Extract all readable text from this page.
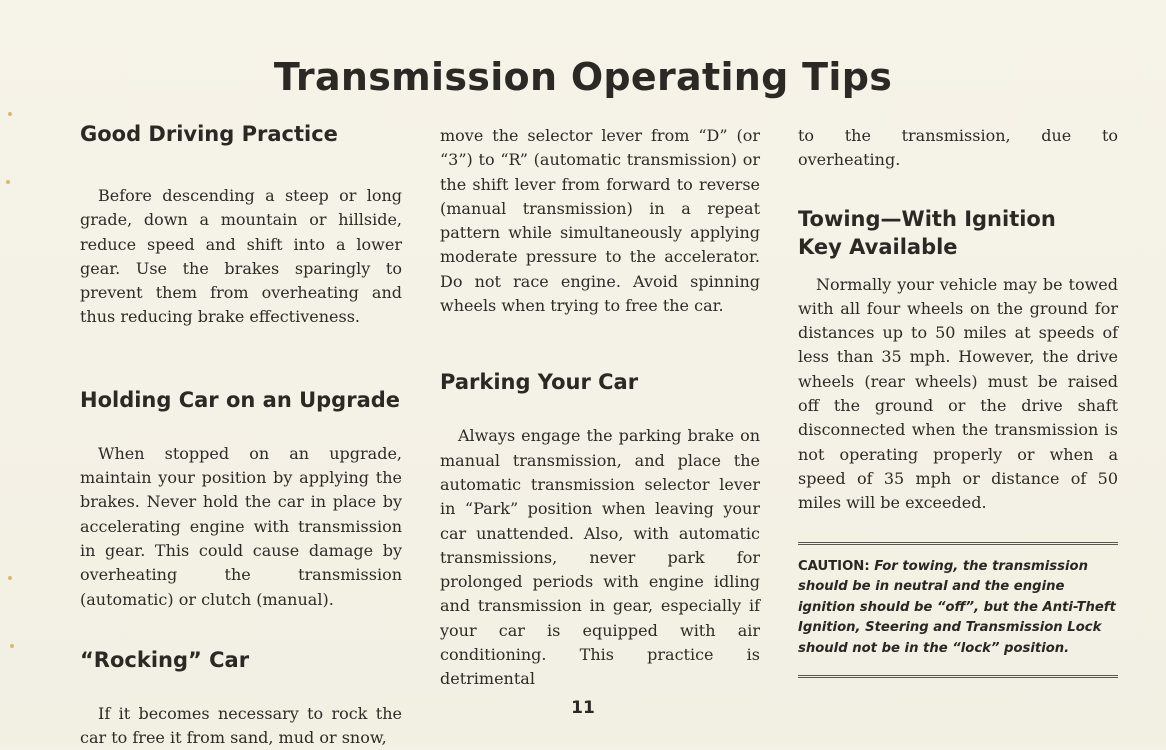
Transmission Operating Tips
Good Driving Practice

Before descending a steep or long grade, down a mountain or hillside, reduce speed and shift into a lower gear. Use the brakes sparingly to prevent them from overheating and thus reducing brake effectiveness.

Holding Car on an Upgrade

When stopped on an upgrade, maintain your position by applying the brakes. Never hold the car in place by accelerating engine with transmission in gear. This could cause damage by overheating the transmission (automatic) or clutch (manual).

“Rocking” Car

If it becomes necessary to rock the car to free it from sand, mud or snow,

move the selector lever from “D” (or “3”) to “R” (automatic transmission) or the shift lever from forward to reverse (manual transmission) in a repeat pattern while simultaneously applying moderate pressure to the accelerator. Do not race engine. Avoid spinning wheels when trying to free the car.

Parking Your Car

Always engage the parking brake on manual transmission, and place the automatic transmission selector lever in “Park” position when leaving your car unattended. Also, with automatic transmissions, never park for prolonged periods with engine idling and transmission in gear, especially if your car is equipped with air conditioning. This practice is detrimental

to the transmission, due to overheating.

Towing—With Ignition
Key Available

Normally your vehicle may be towed with all four wheels on the ground for distances up to 50 miles at speeds of less than 35 mph. However, the drive wheels (rear wheels) must be raised off the ground or the drive shaft disconnected when the transmission is not operating properly or when a speed of 35 mph or distance of 50 miles will be exceeded.

CAUTION: For towing, the transmission should be in neutral and the engine ignition should be “off”, but the Anti-Theft Ignition, Steering and Transmission Lock should not be in the “lock” position.
11
